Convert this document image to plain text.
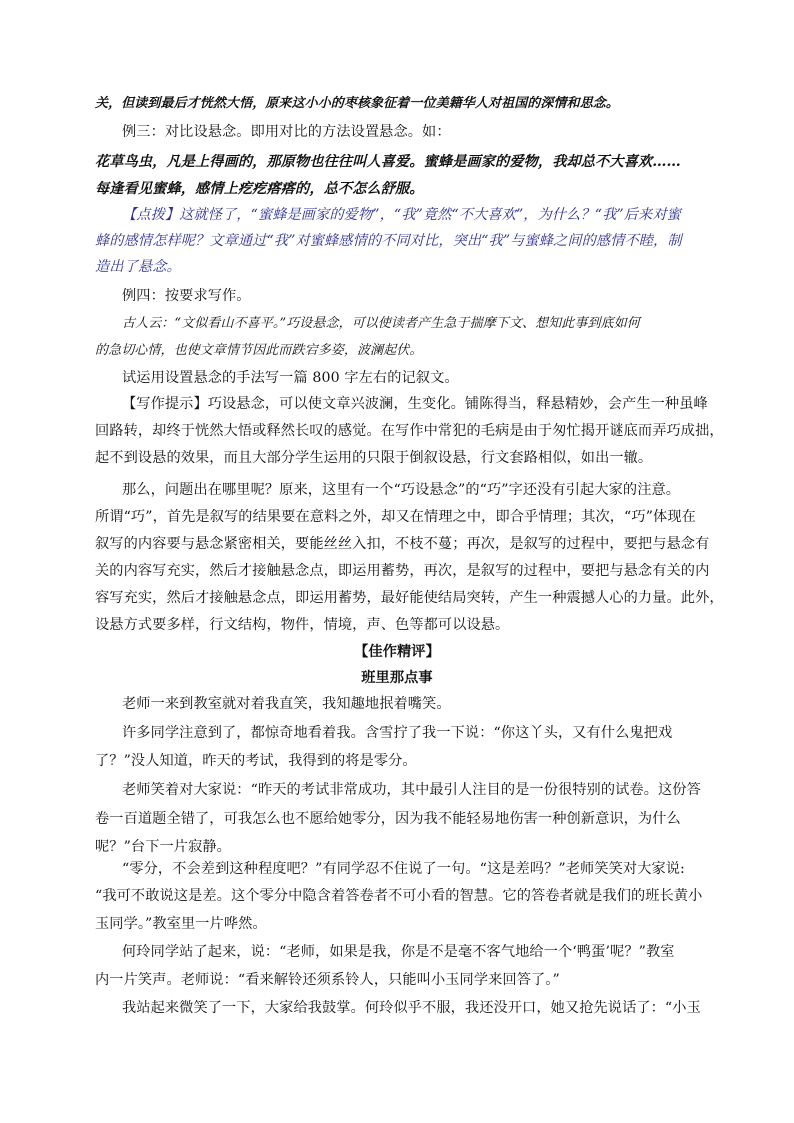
关，但读到最后才恍然大悟，原来这小小的枣核象征着一位美籍华人对祖国的深情和思念。
例三：对比设悬念。即用对比的方法设置悬念。如：
花草鸟虫，凡是上得画的，那原物也往往叫人喜爱。蜜蜂是画家的爱物，我却总不大喜欢……
每逢看见蜜蜂，感情上疙疙瘩瘩的，总不怎么舒服。
【点拨】这就怪了，“蜜蜂是画家的爱物”，“我”竟然“不大喜欢”，为什么？“我”后来对蜜
蜂的感情怎样呢？文章通过“我”对蜜蜂感情的不同对比，突出“我”与蜜蜂之间的感情不睦，制
造出了悬念。
例四：按要求写作。
古人云：“文似看山不喜平。”巧设悬念，可以使读者产生急于揣摩下文、想知此事到底如何
的急切心情，也使文章情节因此而跌宕多姿，波澜起伏。
试运用设置悬念的手法写一篇 800 字左右的记叙文。
【写作提示】巧设悬念，可以使文章兴波澜，生变化。铺陈得当，释悬精妙，会产生一种虽峰
回路转，却终于恍然大悟或释然长叹的感觉。在写作中常犯的毛病是由于匆忙揭开谜底而弄巧成拙，
起不到设悬的效果，而且大部分学生运用的只限于倒叙设悬，行文套路相似，如出一辙。
那么，问题出在哪里呢？原来，这里有一个“巧设悬念”的“巧”字还没有引起大家的注意。
所谓“巧”，首先是叙写的结果要在意料之外，却又在情理之中，即合乎情理；其次，“巧”体现在
叙写的内容要与悬念紧密相关，要能丝丝入扣，不枝不蔓；再次，是叙写的过程中，要把与悬念有
关的内容写充实，然后才接触悬念点，即运用蓄势，再次，是叙写的过程中，要把与悬念有关的内
容写充实，然后才接触悬念点，即运用蓄势，最好能使结局突转，产生一种震撼人心的力量。此外，
设悬方式要多样，行文结构，物件，情境，声、色等都可以设悬。
【佳作精评】
班里那点事
老师一来到教室就对着我直笑，我知趣地抿着嘴笑。
许多同学注意到了，都惊奇地看着我。含雪拧了我一下说：“你这丫头，又有什么鬼把戏
了？”没人知道，昨天的考试，我得到的将是零分。
老师笑着对大家说：“昨天的考试非常成功，其中最引人注目的是一份很特别的试卷。这份答
卷一百道题全错了，可我怎么也不愿给她零分，因为我不能轻易地伤害一种创新意识，为什么
呢？”台下一片寂静。
“零分，不会差到这种程度吧？”有同学忍不住说了一句。“这是差吗？”老师笑笑对大家说:
“我可不敢说这是差。这个零分中隐含着答卷者不可小看的智慧。它的答卷者就是我们的班长黄小
玉同学。”教室里一片哗然。
何玲同学站了起来，说：“老师，如果是我，你是不是毫不客气地给一个‘鸭蛋’呢？”教室
内一片笑声。老师说：“看来解铃还须系铃人，只能叫小玉同学来回答了。”
我站起来微笑了一下，大家给我鼓掌。何玲似乎不服，我还没开口，她又抢先说话了：“小玉
